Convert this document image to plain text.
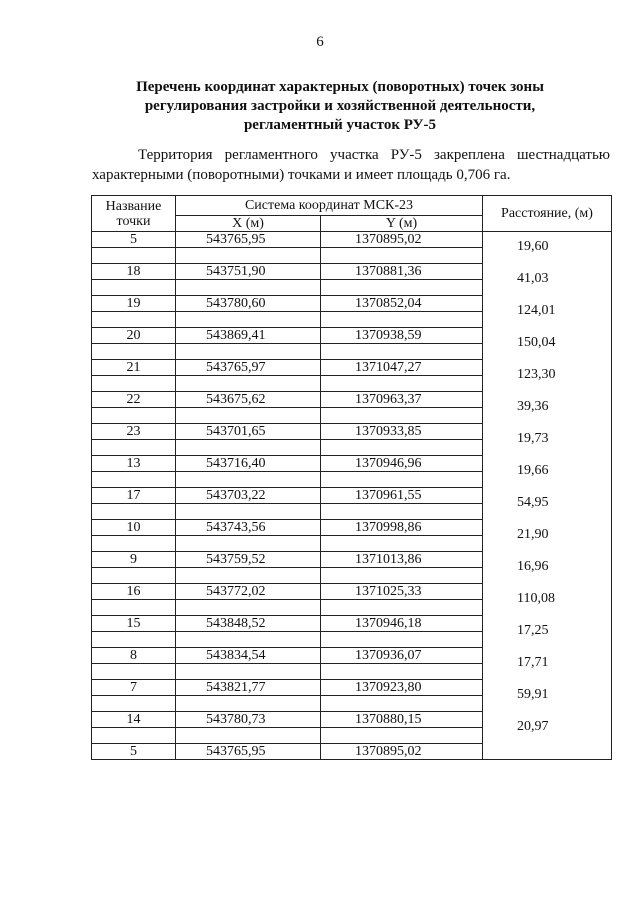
6
Перечень координат характерных (поворотных) точек зоны
регулирования застройки и хозяйственной деятельности,
регламентный участок РУ-5
Территория регламентного участка РУ-5 закреплена шестнадцатью
характерными (поворотными) точками и имеет площадь 0,706 га.
Название точки	Система координат МСК-23		Расстояние, (м)
	X (м)	Y (м)	
5	543765,95	1370895,02	19,60

18	543751,90	1370881,36	41,03

19	543780,60	1370852,04	124,01

20	543869,41	1370938,59	150,04

21	543765,97	1371047,27	123,30

22	543675,62	1370963,37	39,36

23	543701,65	1370933,85	19,73

13	543716,40	1370946,96	19,66

17	543703,22	1370961,55	54,95

10	543743,56	1370998,86	21,90

9	543759,52	1371013,86	16,96

16	543772,02	1371025,33	110,08

15	543848,52	1370946,18	17,25

8	543834,54	1370936,07	17,71

7	543821,77	1370923,80	59,91

14	543780,73	1370880,15	20,97

5	543765,95	1370895,02	
